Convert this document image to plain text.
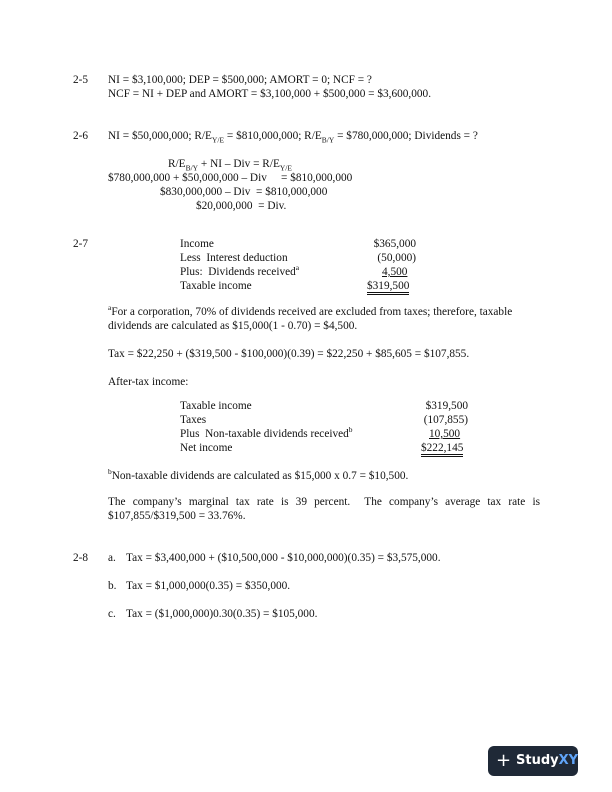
2-5 NI = $3,100,000; DEP = $500,000; AMORT = 0; NCF = ?
NCF = NI + DEP and AMORT = $3,100,000 + $500,000 = $3,600,000.
2-6 NI = $50,000,000; $R/E_{Y/E}$ = $810,000,000; $R/E_{B/Y}$ = $780,000,000; Dividends = ?
$R/E_{B/Y}$ + NI – Div = $R/E_{Y/E}$
$780,000,000 + $50,000,000 – Div     = $810,000,000
$830,000,000 – Div  = $810,000,000
$20,000,000  = Div.
2-7	Income	$365,000
Less  Interest deduction	(50,000)
Plus:  Dividends received$^a$	4,500
Taxable income	$319,500
$^a$For a corporation, 70% of dividends received are excluded from taxes; therefore, taxable
dividends are calculated as $15,000(1 - 0.70) = $4,500.
Tax = $22,250 + ($319,500 - $100,000)(0.39) = $22,250 + $85,605 = $107,855.
After-tax income:
Taxable income	$319,500
Taxes	(107,855)
Plus  Non-taxable dividends received$^b$	10,500
Net income	$222,145
$^b$Non-taxable dividends are calculated as $15,000 x 0.7 = $10,500.
The company’s marginal tax rate is 39 percent.  The company’s average tax rate is
$107,855/$319,500 = 33.76%.
2-8 a. Tax = $3,400,000 + ($10,500,000 - $10,000,000)(0.35) = $3,575,000.
b. Tax = $1,000,000(0.35) = $350,000.
c. Tax = ($1,000,000)0.30(0.35) = $105,000.
+ StudyXY
